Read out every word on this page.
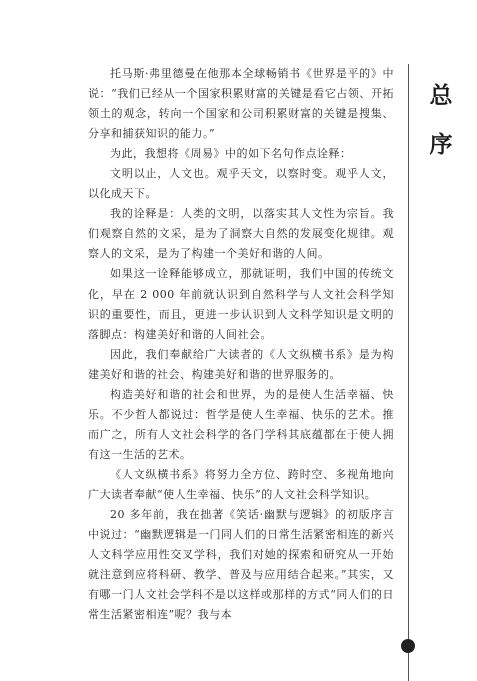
托马斯·弗里德曼在他那本全球畅销书《世界是平的》中说：“我们已经从一个国家积累财富的关键是看它占领、开拓领土的观念，转向一个国家和公司积累财富的关键是搜集、分享和捕获知识的能力。”

为此，我想将《周易》中的如下名句作点诠释：

文明以止，人文也。观乎天文，以察时变。观乎人文，以化成天下。

我的诠释是：人类的文明，以落实其人文性为宗旨。我们观察自然的文采，是为了洞察大自然的发展变化规律。观察人的文采，是为了构建一个美好和谐的人间。

如果这一诠释能够成立，那就证明，我们中国的传统文化，早在 2 000 年前就认识到自然科学与人文社会科学知识的重要性，而且，更进一步认识到人文科学知识是文明的落脚点：构建美好和谐的人间社会。

因此，我们奉献给广大读者的《人文纵横书系》是为构建美好和谐的社会、构建美好和谐的世界服务的。

构造美好和谐的社会和世界，为的是使人生活幸福、快乐。不少哲人都说过：哲学是使人生幸福、快乐的艺术。推而广之，所有人文社会科学的各门学科其底蕴都在于使人拥有这一生活的艺术。

《人文纵横书系》将努力全方位、跨时空、多视角地向广大读者奉献“使人生幸福、快乐”的人文社会科学知识。

20 多年前，我在拙著《笑话·幽默与逻辑》的初版序言中说过：“幽默逻辑是一门同人们的日常生活紧密相连的新兴人文科学应用性交叉学科，我们对她的探索和研究从一开始就注意到应将科研、教学、普及与应用结合起来。”其实，又有哪一门人文社会学科不是以这样或那样的方式“同人们的日常生活紧密相连”呢？我与本

总
序
